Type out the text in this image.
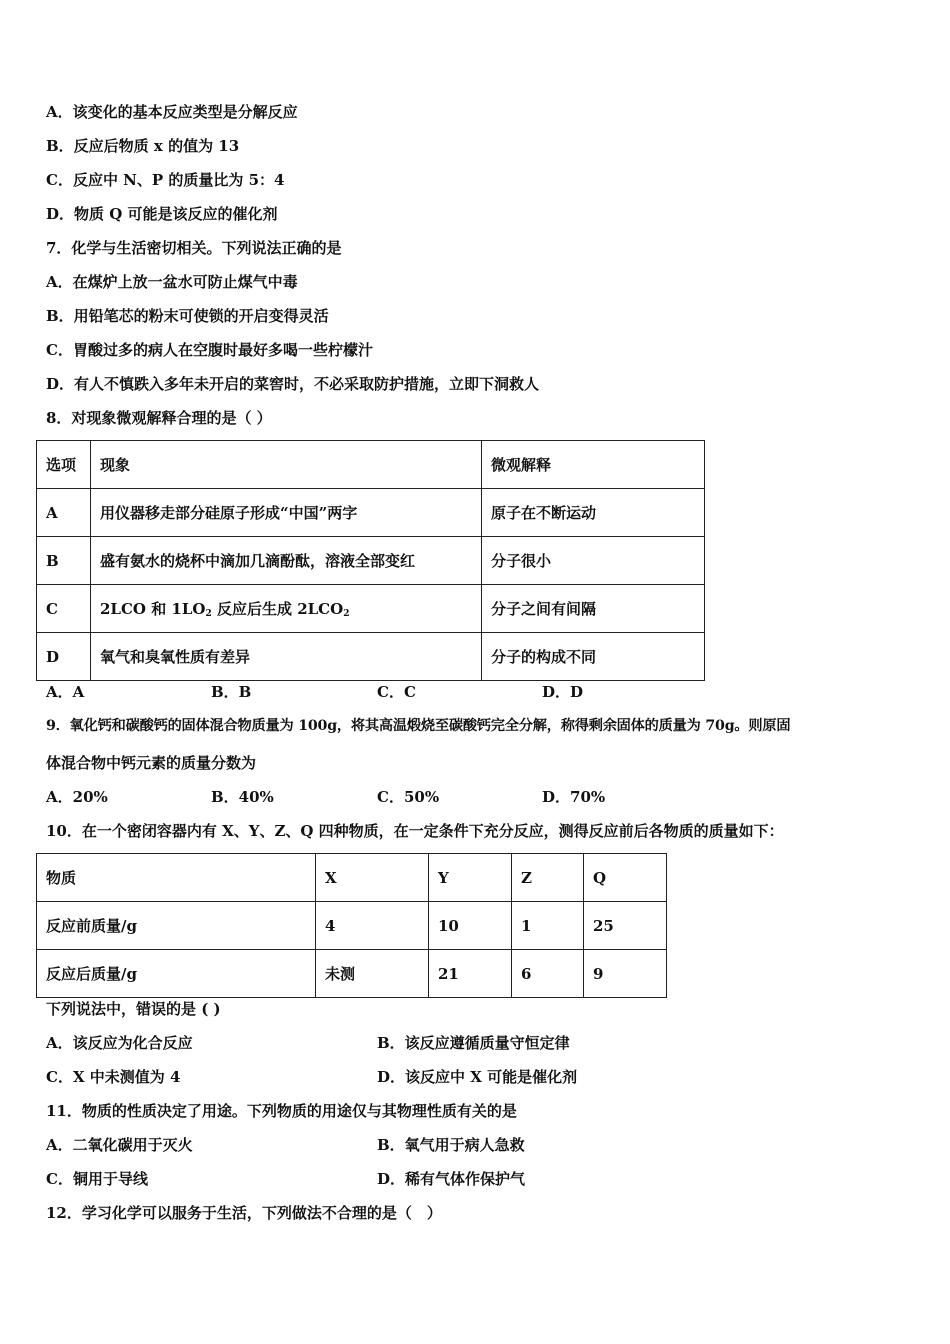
A．该变化的基本反应类型是分解反应
B．反应后物质 x 的值为 13
C．反应中 N、P 的质量比为 5：4
D．物质 Q 可能是该反应的催化剂
7．化学与生活密切相关。下列说法正确的是
A．在煤炉上放一盆水可防止煤气中毒
B．用铅笔芯的粉末可使锁的开启变得灵活
C．胃酸过多的病人在空腹时最好多喝一些柠檬汁
D．有人不慎跌入多年未开启的菜窖时，不必采取防护措施，立即下洞救人
8．对现象微观解释合理的是（ ）
选项	现象	微观解释
A	用仪器移走部分硅原子形成“中国”两字	原子在不断运动
B	盛有氨水的烧杯中滴加几滴酚酞，溶液全部变红	分子很小
C	2LCO 和 $1LO_2$ 反应后生成 $2LCO_2$	分子之间有间隔
D	氧气和臭氧性质有差异	分子的构成不同
A．A	B．B	C．C	D．D
9．氧化钙和碳酸钙的固体混合物质量为 100g，将其高温煅烧至碳酸钙完全分解，称得剩余固体的质量为 70g。则原固
体混合物中钙元素的质量分数为
A．20%	B．40%	C．50%	D．70%
10．在一个密闭容器内有 X、Y、Z、Q 四种物质，在一定条件下充分反应，测得反应前后各物质的质量如下：
物质	X	Y	Z	Q
反应前质量/g	4	10	1	25
反应后质量/g	未测	21	6	9
下列说法中，错误的是 ( )
A．该反应为化合反应	B．该反应遵循质量守恒定律
C．X 中未测值为 4	D．该反应中 X 可能是催化剂
11．物质的性质决定了用途。下列物质的用途仅与其物理性质有关的是
A．二氧化碳用于灭火	B．氧气用于病人急救
C．铜用于导线	D．稀有气体作保护气
12．学习化学可以服务于生活，下列做法不合理的是（　）
